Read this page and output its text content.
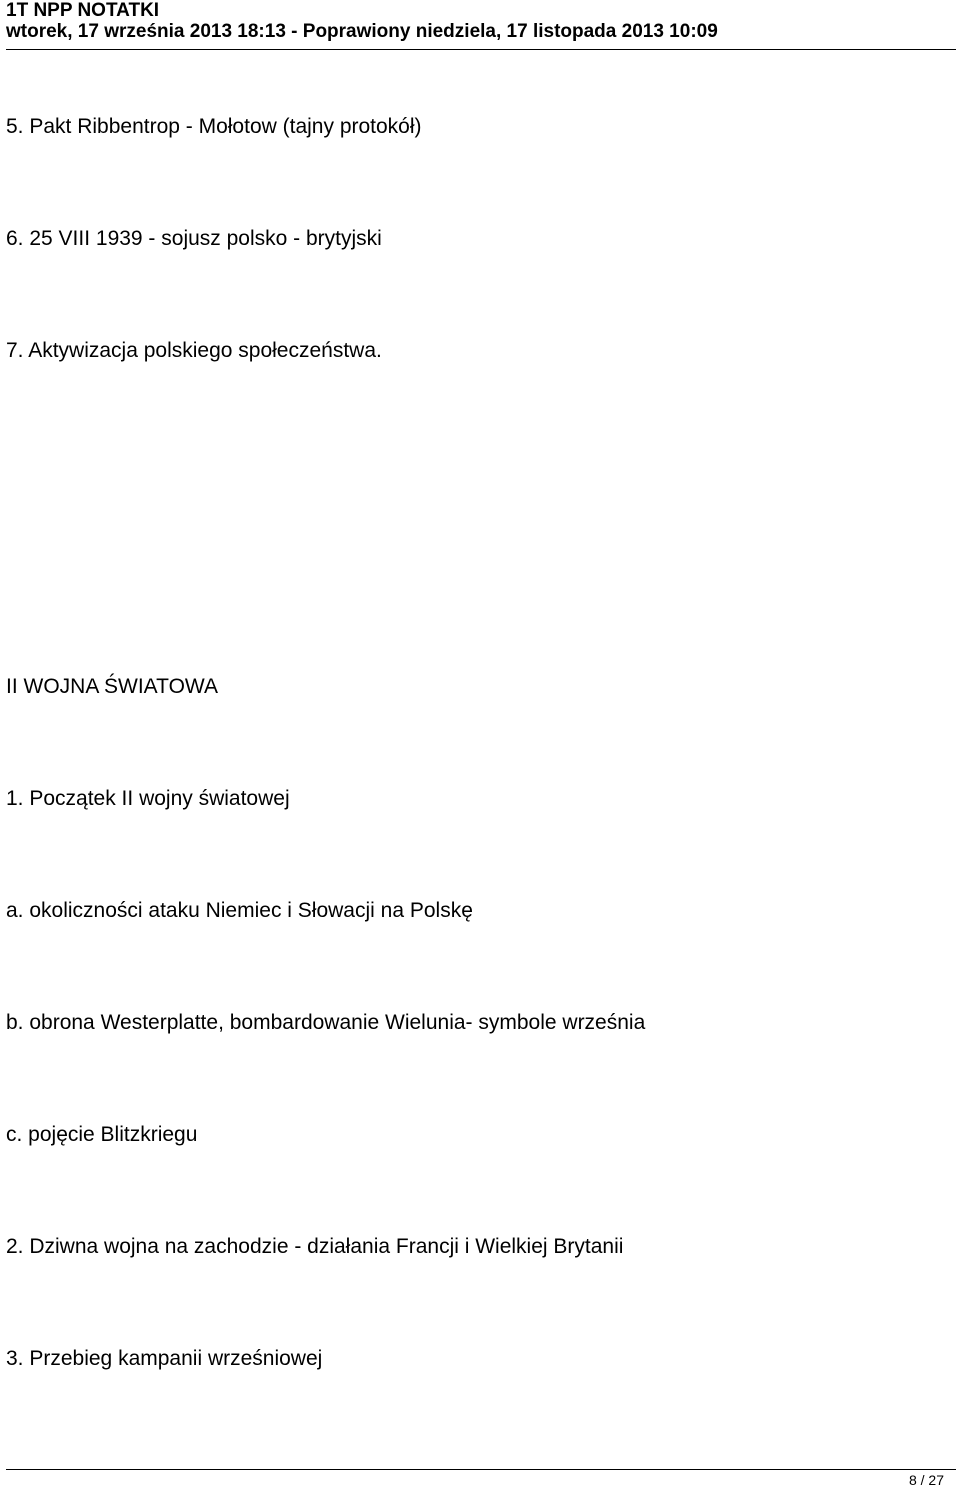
1T NPP NOTATKI
wtorek, 17 września 2013 18:13 - Poprawiony niedziela, 17 listopada 2013 10:09
5. Pakt Ribbentrop - Mołotow (tajny protokół)
6. 25 VIII 1939 - sojusz polsko - brytyjski
7. Aktywizacja polskiego społeczeństwa.
II WOJNA ŚWIATOWA
1. Początek II wojny światowej
a. okoliczności ataku Niemiec i Słowacji na Polskę
b. obrona Westerplatte, bombardowanie Wielunia- symbole września
c. pojęcie Blitzkriegu
2. Dziwna wojna na zachodzie - działania Francji i Wielkiej Brytanii
3. Przebieg kampanii wrześniowej
8 / 27
